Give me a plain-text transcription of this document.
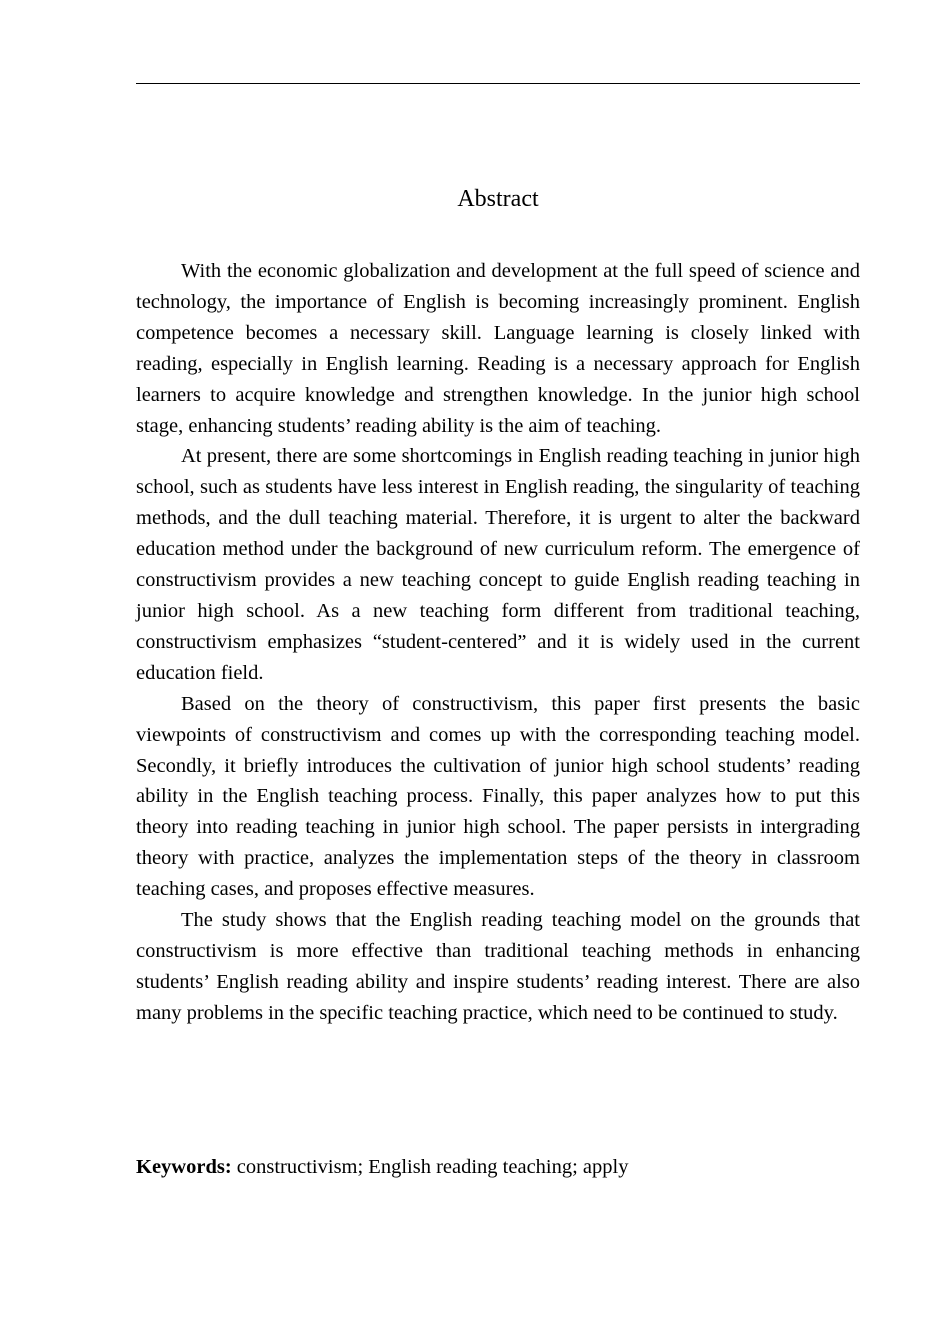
Abstract

With the economic globalization and development at the full speed of science and technology, the importance of English is becoming increasingly prominent. English competence becomes a necessary skill. Language learning is closely linked with reading, especially in English learning. Reading is a necessary approach for English learners to acquire knowledge and strengthen knowledge. In the junior high school stage, enhancing students’ reading ability is the aim of teaching.

At present, there are some shortcomings in English reading teaching in junior high school, such as students have less interest in English reading, the singularity of teaching methods, and the dull teaching material. Therefore, it is urgent to alter the backward education method under the background of new curriculum reform. The emergence of constructivism provides a new teaching concept to guide English reading teaching in junior high school. As a new teaching form different from traditional teaching, constructivism emphasizes “student-centered” and it is widely used in the current education field.

Based on the theory of constructivism, this paper first presents the basic viewpoints of constructivism and comes up with the corresponding teaching model. Secondly, it briefly introduces the cultivation of junior high school students’ reading ability in the English teaching process. Finally, this paper analyzes how to put this theory into reading teaching in junior high school. The paper persists in intergrading theory with practice, analyzes the implementation steps of the theory in classroom teaching cases, and proposes effective measures.

The study shows that the English reading teaching model on the grounds that constructivism is more effective than traditional teaching methods in enhancing students’ English reading ability and inspire students’ reading interest. There are also many problems in the specific teaching practice, which need to be continued to study.

Keywords: constructivism; English reading teaching; apply
